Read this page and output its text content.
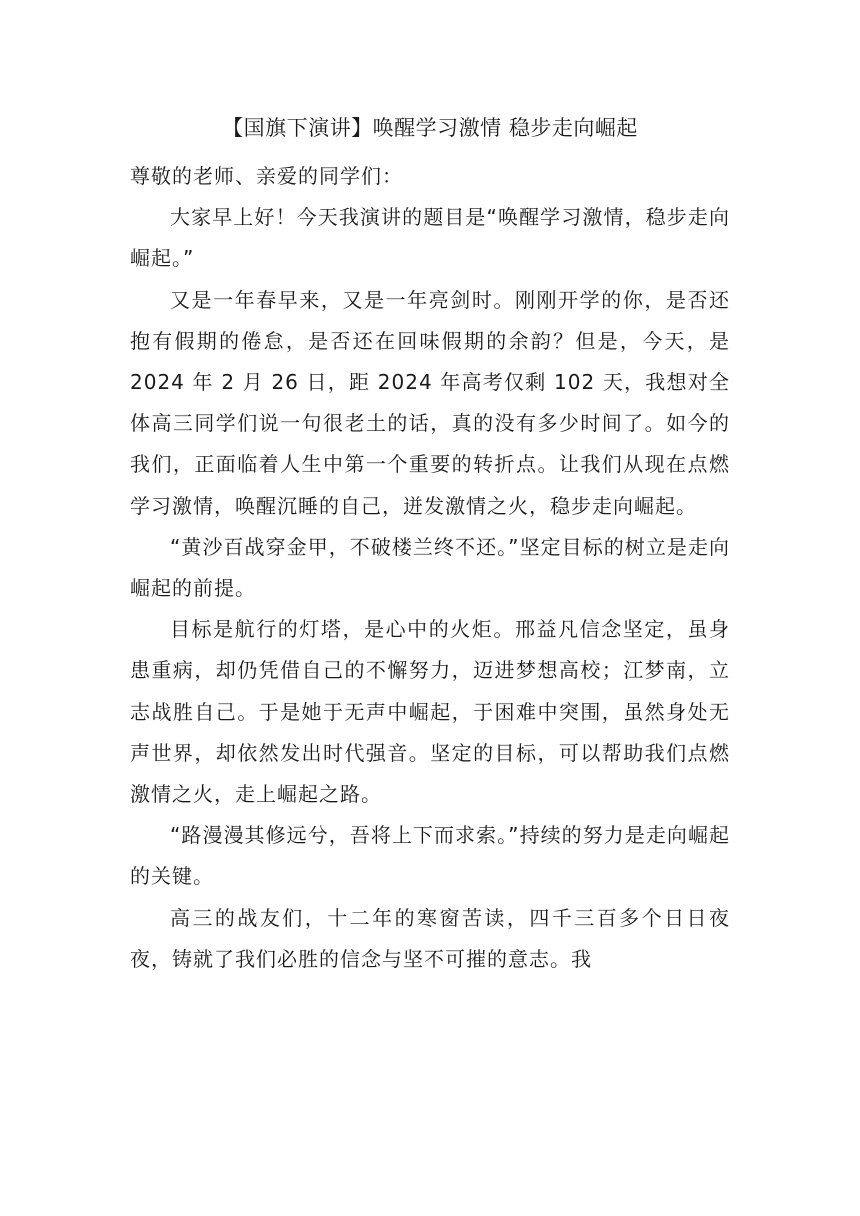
【国旗下演讲】唤醒学习激情 稳步走向崛起

尊敬的老师、亲爱的同学们：

大家早上好！今天我演讲的题目是“唤醒学习激情，稳步走向崛起。”

又是一年春早来，又是一年亮剑时。刚刚开学的你，是否还抱有假期的倦怠，是否还在回味假期的余韵？但是，今天，是 2024 年 2 月 26 日，距 2024 年高考仅剩 102 天，我想对全体高三同学们说一句很老土的话，真的没有多少时间了。如今的我们，正面临着人生中第一个重要的转折点。让我们从现在点燃学习激情，唤醒沉睡的自己，迸发激情之火，稳步走向崛起。

“黄沙百战穿金甲，不破楼兰终不还。”坚定目标的树立是走向崛起的前提。

目标是航行的灯塔，是心中的火炬。邢益凡信念坚定，虽身患重病，却仍凭借自己的不懈努力，迈进梦想高校；江梦南，立志战胜自己。于是她于无声中崛起，于困难中突围，虽然身处无声世界，却依然发出时代强音。坚定的目标，可以帮助我们点燃激情之火，走上崛起之路。

“路漫漫其修远兮，吾将上下而求索。”持续的努力是走向崛起的关键。

高三的战友们，十二年的寒窗苦读，四千三百多个日日夜夜，铸就了我们必胜的信念与坚不可摧的意志。我
